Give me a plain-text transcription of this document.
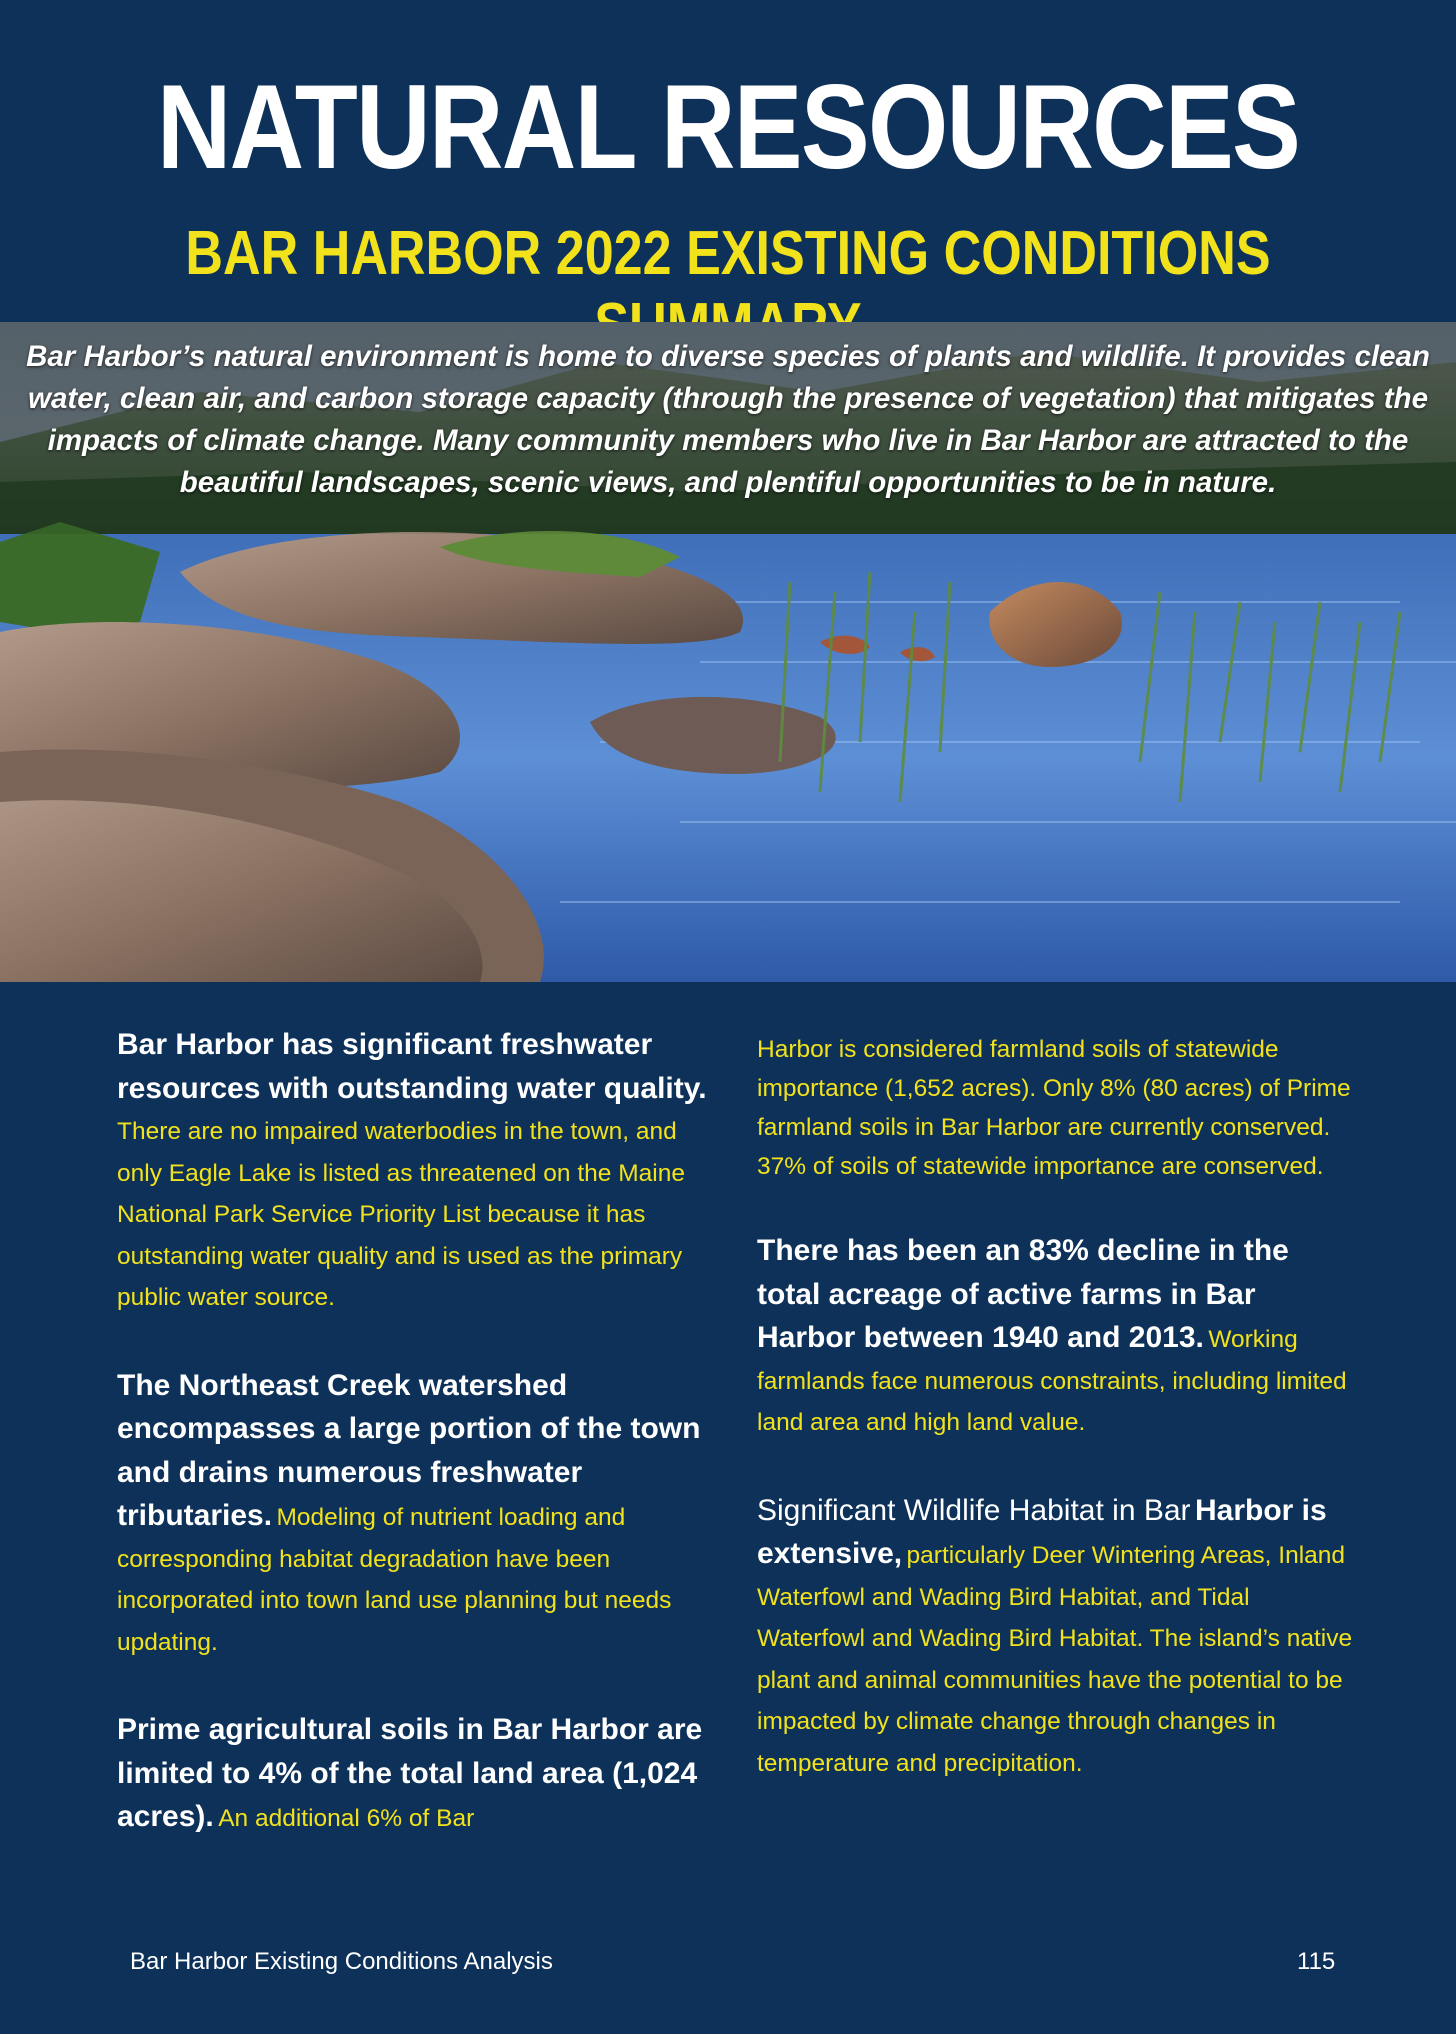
NATURAL RESOURCES
BAR HARBOR 2022 EXISTING CONDITIONS

Bar Harbor’s natural environment is home to diverse species of plants and wildlife. It provides clean water, clean air, and carbon storage capacity (through the presence of vegetation) that mitigates the impacts of climate change. Many community members who live in Bar Harbor are attracted to the beautiful landscapes, scenic views, and plentiful opportunities to be in nature.

Bar Harbor has significant freshwater resources with outstanding water quality. There are no impaired waterbodies in the town, and only Eagle Lake is listed as threatened on the Maine National Park Service Priority List because it has outstanding water quality and is used as the primary public water source.

The Northeast Creek watershed encompasses a large portion of the town and drains numerous freshwater tributaries. Modeling of nutrient loading and corresponding habitat degradation have been incorporated into town land use planning but needs updating.

Prime agricultural soils in Bar Harbor are limited to 4% of the total land area (1,024 acres). An additional 6% of Bar

Harbor is considered farmland soils of statewide importance (1,652 acres). Only 8% (80 acres) of Prime farmland soils in Bar Harbor are currently conserved. 37% of soils of statewide importance are conserved.

There has been an 83% decline in the total acreage of active farms in Bar Harbor between 1940 and 2013. Working farmlands face numerous constraints, including limited land area and high land value.

Significant Wildlife Habitat in Bar Harbor is extensive, particularly Deer Wintering Areas, Inland Waterfowl and Wading Bird Habitat, and Tidal Waterfowl and Wading Bird Habitat. The island’s native plant and animal communities have the potential to be impacted by climate change through changes in temperature and precipitation.

Bar Harbor Existing Conditions Analysis	115
